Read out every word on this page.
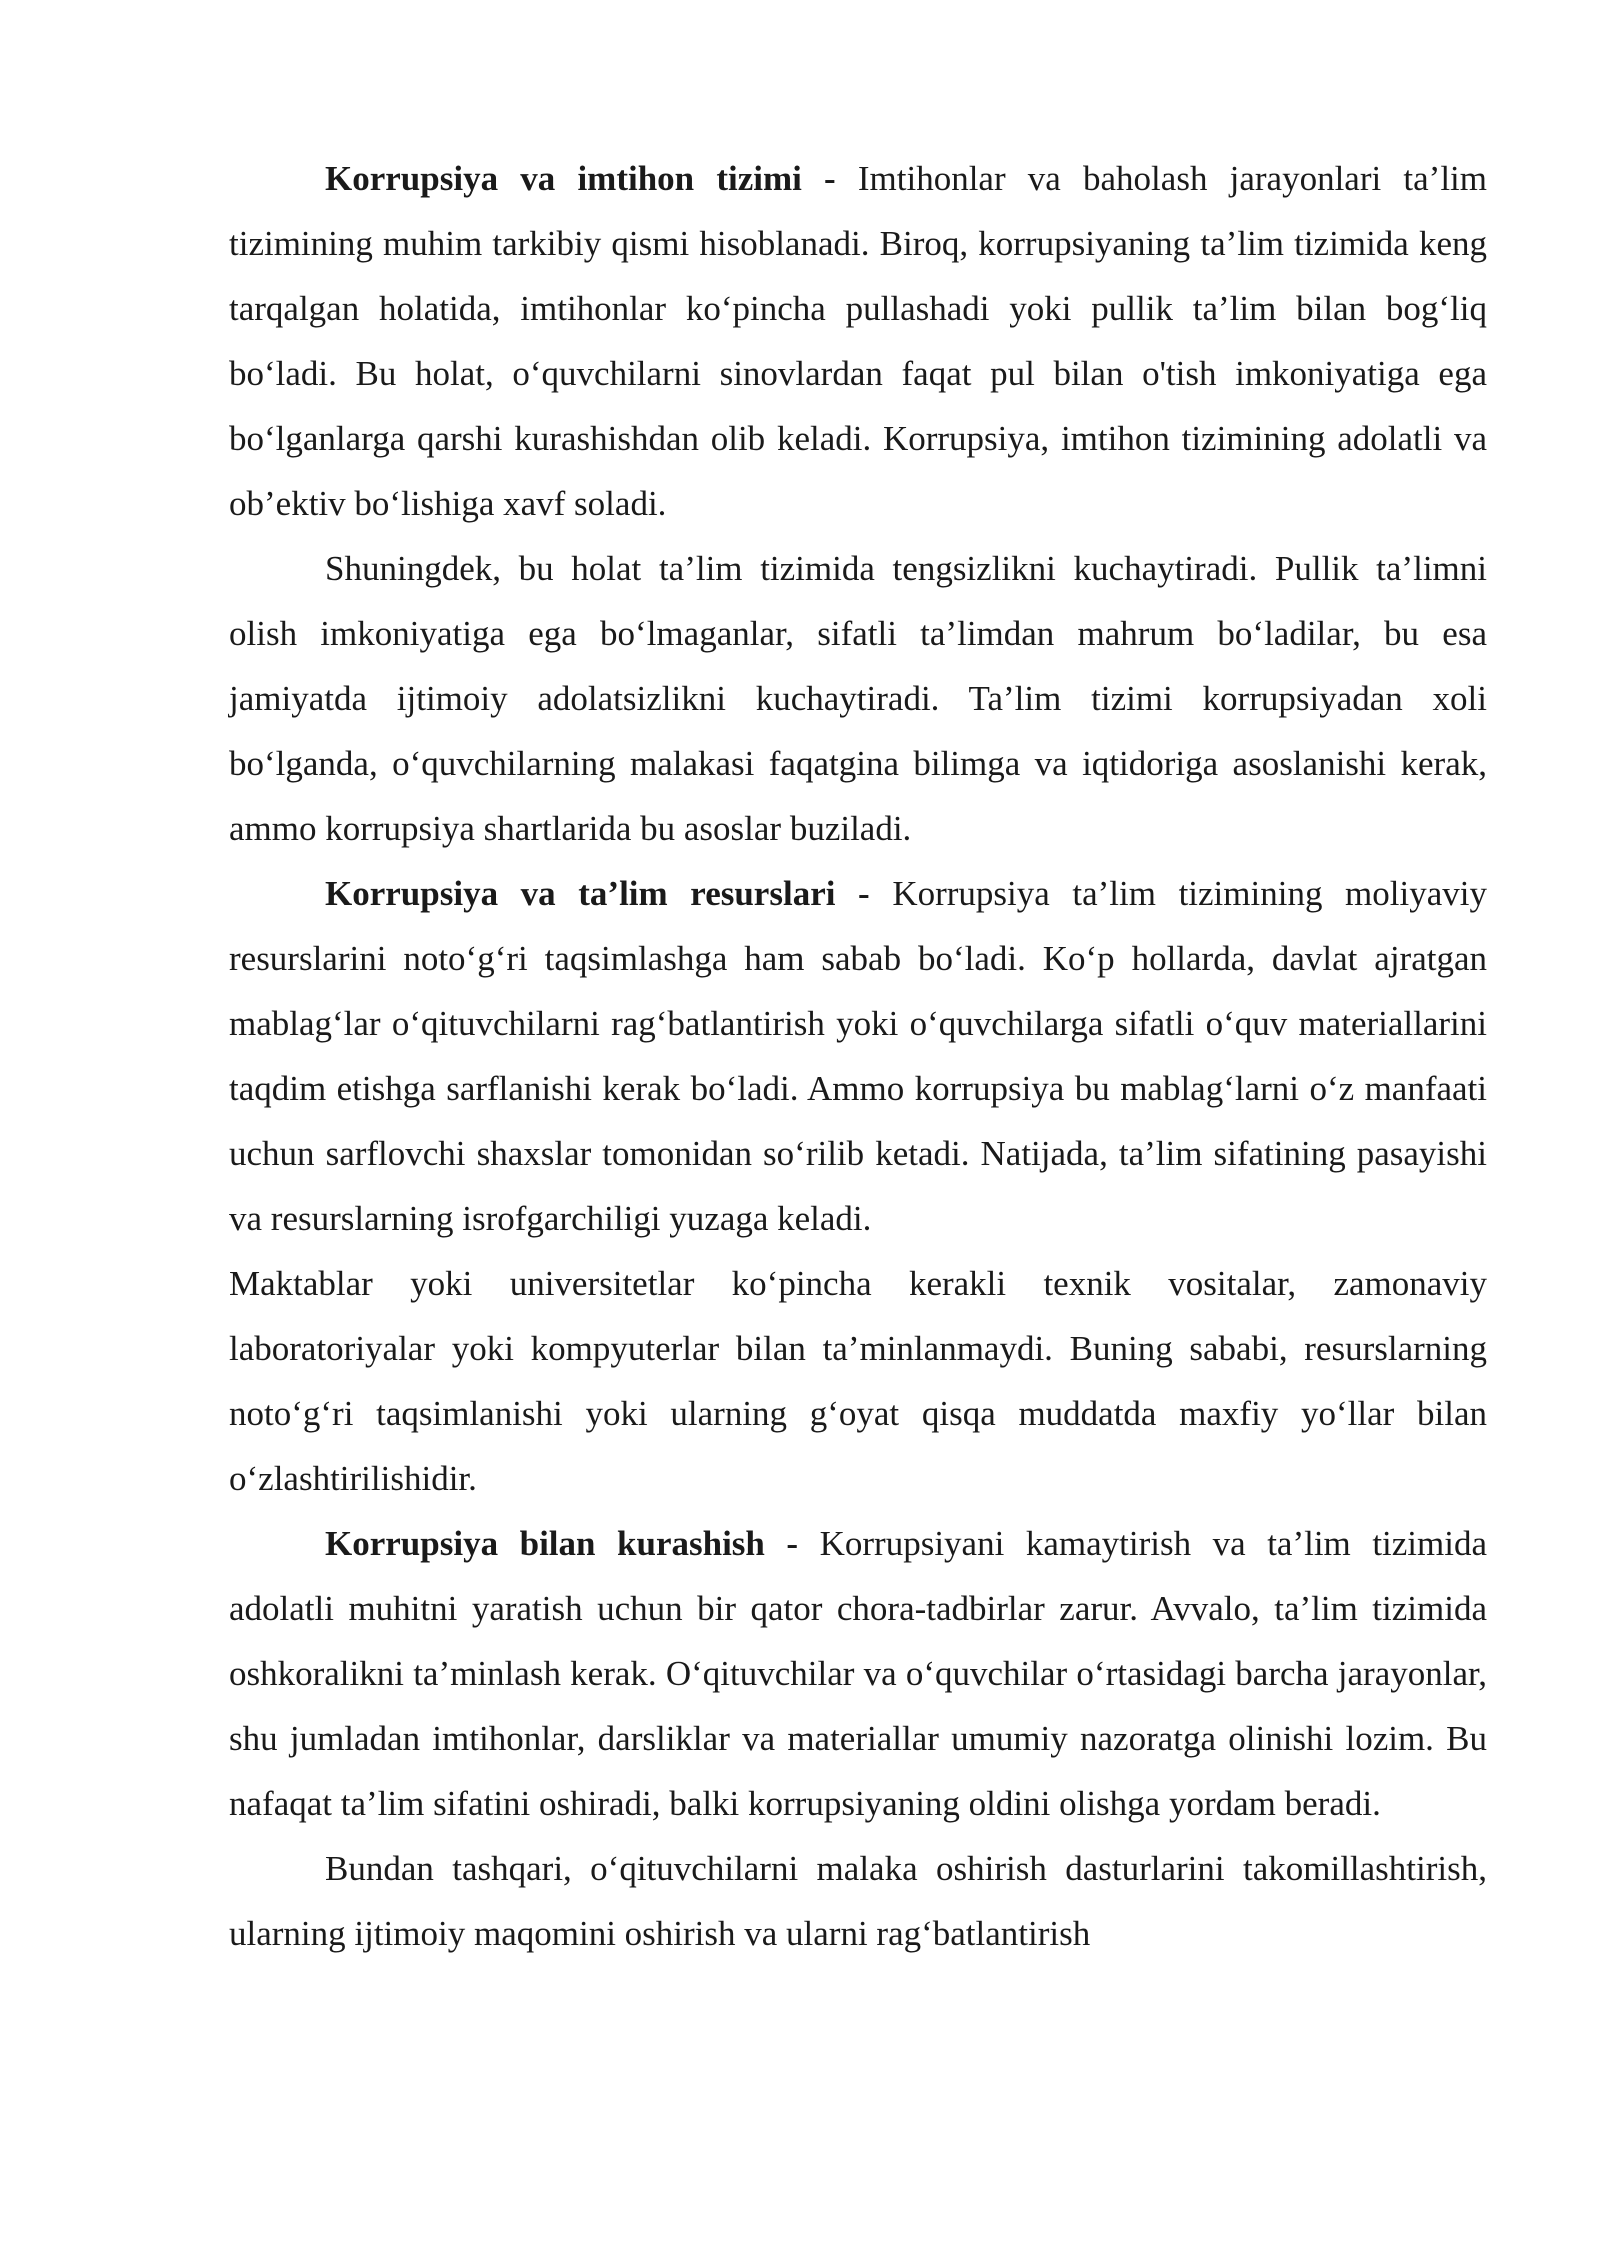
Korrupsiya va imtihon tizimi - Imtihonlar va baholash jarayonlari ta’lim tizimining muhim tarkibiy qismi hisoblanadi. Biroq, korrupsiyaning ta’lim tizimida keng tarqalgan holatida, imtihonlar ko‘pincha pullashadi yoki pullik ta’lim bilan bog‘liq bo‘ladi. Bu holat, o‘quvchilarni sinovlardan faqat pul bilan o'tish imkoniyatiga ega bo‘lganlarga qarshi kurashishdan olib keladi. Korrupsiya, imtihon tizimining adolatli va ob’ektiv bo‘lishiga xavf soladi.

Shuningdek, bu holat ta’lim tizimida tengsizlikni kuchaytiradi. Pullik ta’limni olish imkoniyatiga ega bo‘lmaganlar, sifatli ta’limdan mahrum bo‘ladilar, bu esa jamiyatda ijtimoiy adolatsizlikni kuchaytiradi. Ta’lim tizimi korrupsiyadan xoli bo‘lganda, o‘quvchilarning malakasi faqatgina bilimga va iqtidoriga asoslanishi kerak, ammo korrupsiya shartlarida bu asoslar buziladi.

Korrupsiya va ta’lim resurslari - Korrupsiya ta’lim tizimining moliyaviy resurslarini noto‘g‘ri taqsimlashga ham sabab bo‘ladi. Ko‘p hollarda, davlat ajratgan mablag‘lar o‘qituvchilarni rag‘batlantirish yoki o‘quvchilarga sifatli o‘quv materiallarini taqdim etishga sarflanishi kerak bo‘ladi. Ammo korrupsiya bu mablag‘larni o‘z manfaati uchun sarflovchi shaxslar tomonidan so‘rilib ketadi. Natijada, ta’lim sifatining pasayishi va resurslarning isrofgarchiligi yuzaga keladi.

Maktablar yoki universitetlar ko‘pincha kerakli texnik vositalar, zamonaviy laboratoriyalar yoki kompyuterlar bilan ta’minlanmaydi. Buning sababi, resurslarning noto‘g‘ri taqsimlanishi yoki ularning g‘oyat qisqa muddatda maxfiy yo‘llar bilan o‘zlashtirilishidir.

Korrupsiya bilan kurashish - Korrupsiyani kamaytirish va ta’lim tizimida adolatli muhitni yaratish uchun bir qator chora-tadbirlar zarur. Avvalo, ta’lim tizimida oshkoralikni ta’minlash kerak. O‘qituvchilar va o‘quvchilar o‘rtasidagi barcha jarayonlar, shu jumladan imtihonlar, darsliklar va materiallar umumiy nazoratga olinishi lozim. Bu nafaqat ta’lim sifatini oshiradi, balki korrupsiyaning oldini olishga yordam beradi.

Bundan tashqari, o‘qituvchilarni malaka oshirish dasturlarini takomillashtirish, ularning ijtimoiy maqomini oshirish va ularni rag‘batlantirish
